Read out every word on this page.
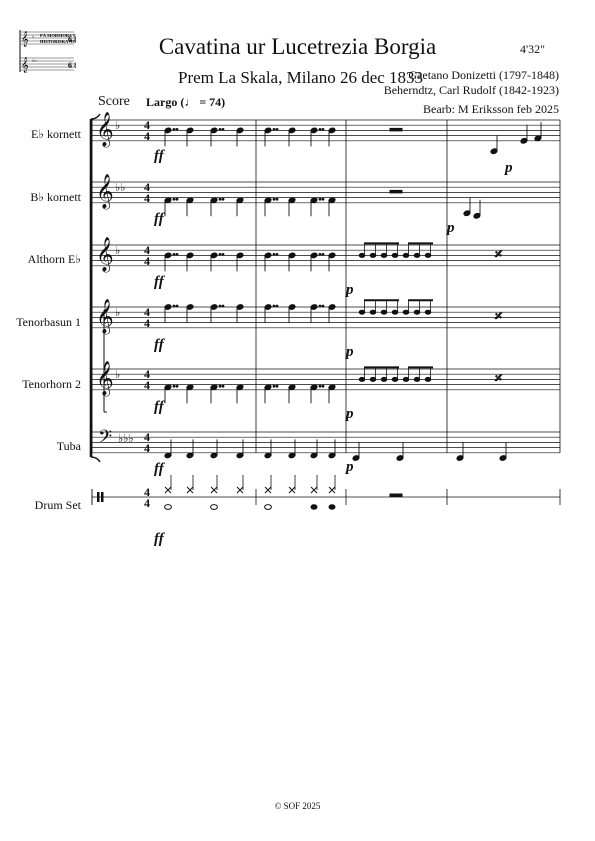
𝄞
𝄞
♭
♭♭
PÅ MORMORS T
HISTORISKA NO
6 8
6 8
Cavatina ur Lucetrezia Borgia	4'32"
Prem La Skala, Milano 26 dec 1833
Gaetano Donizetti (1797-1848)
Beherndtz, Carl Rudolf (1842-1923)
Bearb: M Eriksson feb 2025
Score Largo (♩ = 74)
E♭ kornett
B♭ kornett
Althorn E♭
Tenorbasun 1
Tenorhorn 2
Tuba
Drum Set
𝄞 ♭ 4
4
𝄞 ♭♭ 4
4
𝄞 ♭ 4
4
𝄞 ♭ 4
4
𝄞 ♭ 4
4
𝄢 ♭♭♭ 4
4
4
4
𝄎
𝄎
𝄎
ff
p
ff
p
ff	p
ff	p
ff	p
ff	p
ff
© SOF 2025
